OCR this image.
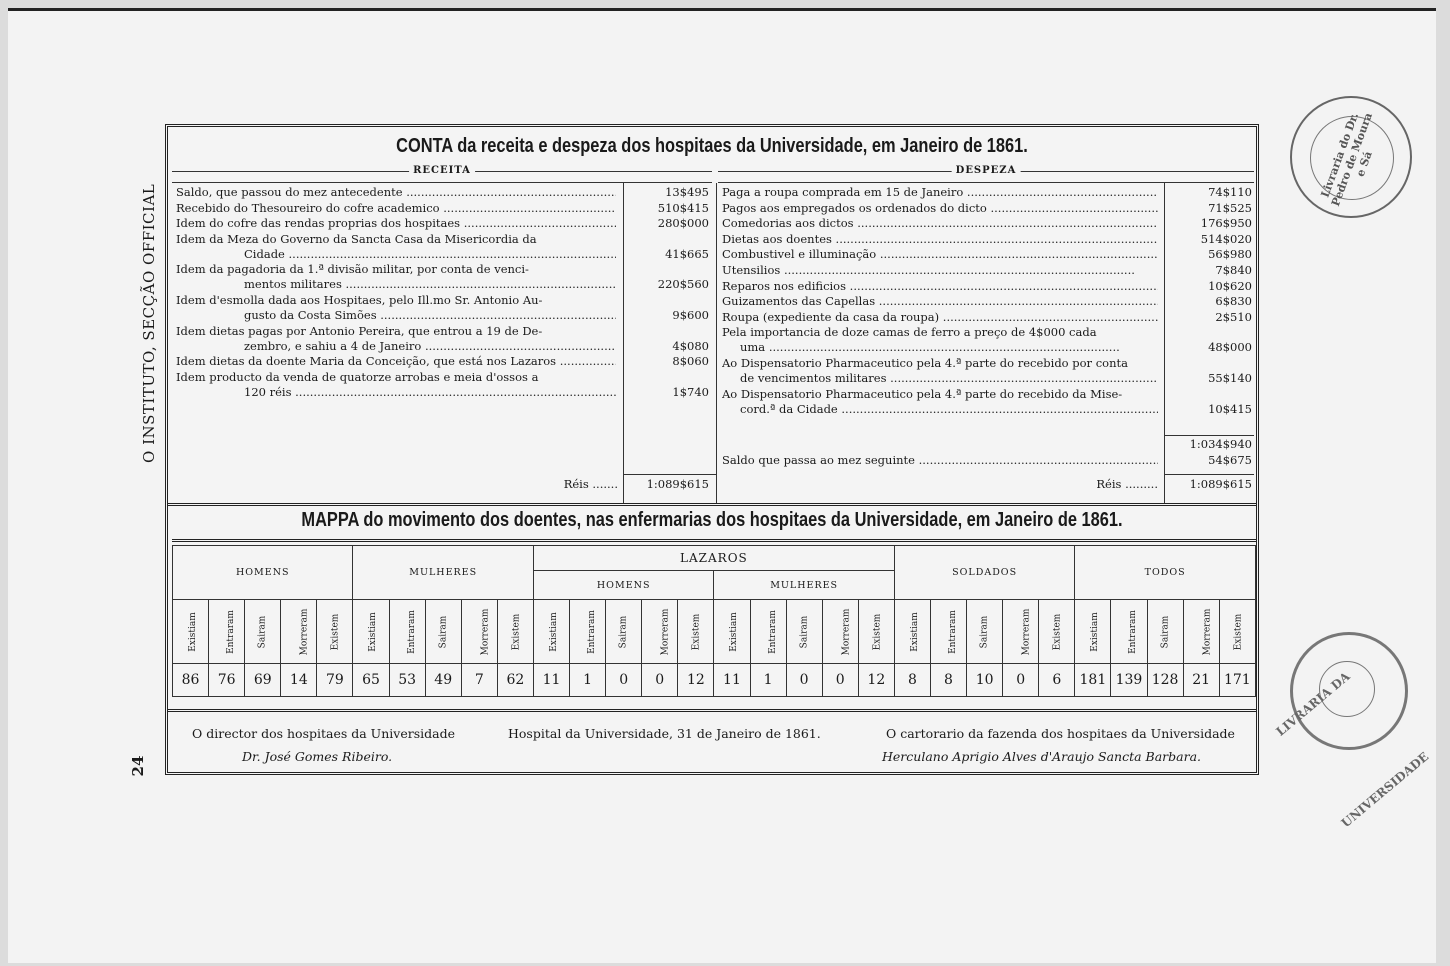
O INSTITUTO, SECÇÃO OFFICIAL
24
CONTA da receita e despeza dos hospitaes da Universidade, em Janeiro de 1861.
RECEITA	DESPEZA
Réis .......	1:089$615
1:034$940
Saldo que passa ao mez seguinte .....	54$675
Réis .........	1:089$615
MAPPA do movimento dos doentes, nas enfermarias dos hospitaes da Universidade, em Janeiro de 1861.
HOMENS					MULHERES					LAZAROS										SOLDADOS					TODOS				
										HOMENS					MULHERES														
Existiam	Entraram	Sairam	Morreram	Existem	Existiam	Entraram	Sairam	Morreram	Existem	Existiam	Entraram	Sairam	Morreram	Existem	Existiam	Entraram	Sairam	Morreram	Existem	Existiam	Entraram	Sairam	Morreram	Existem	Existiam	Entraram	Sairam	Morreram	Existem
86	76	69	14	79	65	53	49	7	62	11	1	0	0	12	11	1	0	0	12	8	8	10	0	6	181	139	128	21	171
O director dos hospitaes da Universidade
Dr. José Gomes Ribeiro.
Hospital da Universidade, 31 de Janeiro de 1861.	O cartorario da fazenda dos hospitaes da Universidade
Herculano Aprigio Alves d'Araujo Sancta Barbara.
Saldo, que passou do mez antecedente .....	13$495
Recebido do Thesoureiro do cofre academico .....	510$415
Idem do cofre das rendas proprias dos hospitaes .....	280$000
Idem da Meza do Governo da Sancta Casa da Misericordia da
Cidade .....	41$665
Idem da pagadoria da 1.ª divisão militar, por conta de venci-
mentos militares .....	220$560
Idem d'esmolla dada aos Hospitaes, pelo Ill.mo Sr. Antonio Au-
gusto da Costa Simões .....	9$600
Idem dietas pagas por Antonio Pereira, que entrou a 19 de De-
zembro, e sahiu a 4 de Janeiro .....	4$080
Idem dietas da doente Maria da Conceição, que está nos Lazaros .....	8$060
Idem producto da venda de quatorze arrobas e meia d'ossos a
120 réis .....	1$740
Paga a roupa comprada em 15 de Janeiro .....	74$110
Pagos aos empregados os ordenados do dicto .....	71$525
Comedorias aos dictos .....	176$950
Dietas aos doentes .....	514$020
Combustivel e illuminação .....	56$980
Utensilios .....	7$840
Reparos nos edificios .....	10$620
Guizamentos das Capellas .....	6$830
Roupa (expediente da casa da roupa) .....	2$510
Pela importancia de doze camas de ferro a preço de 4$000 cada
uma .....	48$000
Ao Dispensatorio Pharmaceutico pela 4.ª parte do recebido por conta
de vencimentos militares .....	55$140
Ao Dispensatorio Pharmaceutico pela 4.ª parte do recebido da Mise-
cord.ª da Cidade .....	10$415
Livraria do Dr. Pedro de Moura e Sá
LIVRARIA DA UNIVERSIDADE
